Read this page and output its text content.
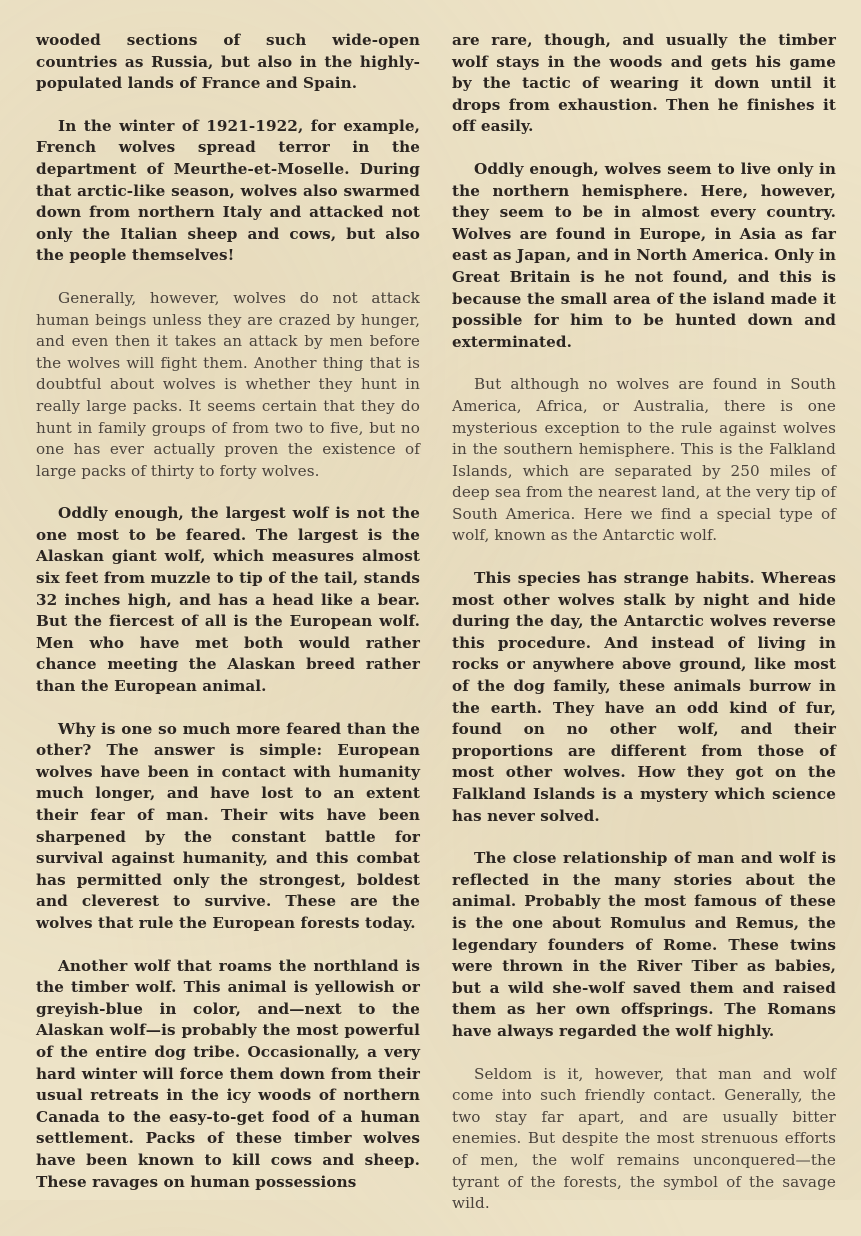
wooded sections of such wide-open countries as Russia, but also in the highly-populated lands of France and Spain.

In the winter of 1921-1922, for example, French wolves spread terror in the department of Meurthe-et-Moselle. During that arctic-like season, wolves also swarmed down from northern Italy and attacked not only the Italian sheep and cows, but also the people themselves!

Generally, however, wolves do not attack human beings unless they are crazed by hunger, and even then it takes an attack by men before the wolves will fight them. Another thing that is doubtful about wolves is whether they hunt in really large packs. It seems certain that they do hunt in family groups of from two to five, but no one has ever actually proven the existence of large packs of thirty to forty wolves.

Oddly enough, the largest wolf is not the one most to be feared. The largest is the Alaskan giant wolf, which measures almost six feet from muzzle to tip of the tail, stands 32 inches high, and has a head like a bear. But the fiercest of all is the European wolf. Men who have met both would rather chance meeting the Alaskan breed rather than the European animal.

Why is one so much more feared than the other? The answer is simple: European wolves have been in contact with humanity much longer, and have lost to an extent their fear of man. Their wits have been sharpened by the constant battle for survival against humanity, and this combat has permitted only the strongest, boldest and cleverest to survive. These are the wolves that rule the European forests today.

Another wolf that roams the northland is the timber wolf. This animal is yellowish or greyish-blue in color, and—next to the Alaskan wolf—is probably the most powerful of the entire dog tribe. Occasionally, a very hard winter will force them down from their usual retreats in the icy woods of northern Canada to the easy-to-get food of a human settlement. Packs of these timber wolves have been known to kill cows and sheep. These ravages on human possessions

are rare, though, and usually the timber wolf stays in the woods and gets his game by the tactic of wearing it down until it drops from exhaustion. Then he finishes it off easily.

Oddly enough, wolves seem to live only in the northern hemisphere. Here, however, they seem to be in almost every country. Wolves are found in Europe, in Asia as far east as Japan, and in North America. Only in Great Britain is he not found, and this is because the small area of the island made it possible for him to be hunted down and exterminated.

But although no wolves are found in South America, Africa, or Australia, there is one mysterious exception to the rule against wolves in the southern hemisphere. This is the Falkland Islands, which are separated by 250 miles of deep sea from the nearest land, at the very tip of South America. Here we find a special type of wolf, known as the Antarctic wolf.

This species has strange habits. Whereas most other wolves stalk by night and hide during the day, the Antarctic wolves reverse this procedure. And instead of living in rocks or anywhere above ground, like most of the dog family, these animals burrow in the earth. They have an odd kind of fur, found on no other wolf, and their proportions are different from those of most other wolves. How they got on the Falkland Islands is a mystery which science has never solved.

The close relationship of man and wolf is reflected in the many stories about the animal. Probably the most famous of these is the one about Romulus and Remus, the legendary founders of Rome. These twins were thrown in the River Tiber as babies, but a wild she-wolf saved them and raised them as her own offsprings. The Romans have always regarded the wolf highly.

Seldom is it, however, that man and wolf come into such friendly contact. Generally, the two stay far apart, and are usually bitter enemies. But despite the most strenuous efforts of men, the wolf remains unconquered—the tyrant of the forests, the symbol of the savage wild.
